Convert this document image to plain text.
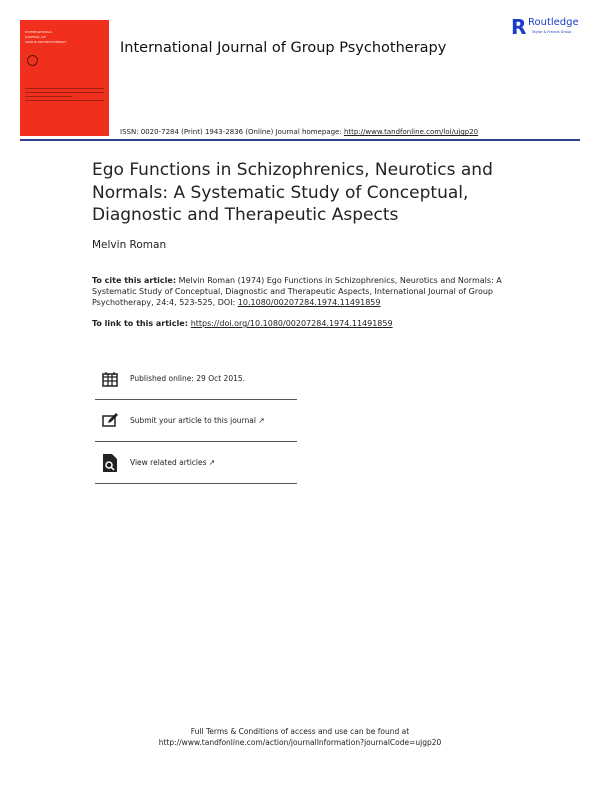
INTERNATIONAL
JOURNAL OF
GROUP PSYCHOTHERAPY	International Journal of Group Psychotherapy
R Routledge
Taylor & Francis Group
ISSN: 0020-7284 (Print) 1943-2836 (Online) Journal homepage: http://www.tandfonline.com/loi/ujgp20
Ego Functions in Schizophrenics, Neurotics and Normals: A Systematic Study of Conceptual, Diagnostic and Therapeutic Aspects
Melvin Roman
To cite this article: Melvin Roman (1974) Ego Functions in Schizophrenics, Neurotics and Normals: A Systematic Study of Conceptual, Diagnostic and Therapeutic Aspects, International Journal of Group Psychotherapy, 24:4, 523-525, DOI: 10.1080/00207284.1974.11491859
To link to this article: https://doi.org/10.1080/00207284.1974.11491859
Published online: 29 Oct 2015.
Submit your article to this journal
↗
View related articles
↗
Full Terms & Conditions of access and use can be found at
http://www.tandfonline.com/action/journalInformation?journalCode=ujgp20
